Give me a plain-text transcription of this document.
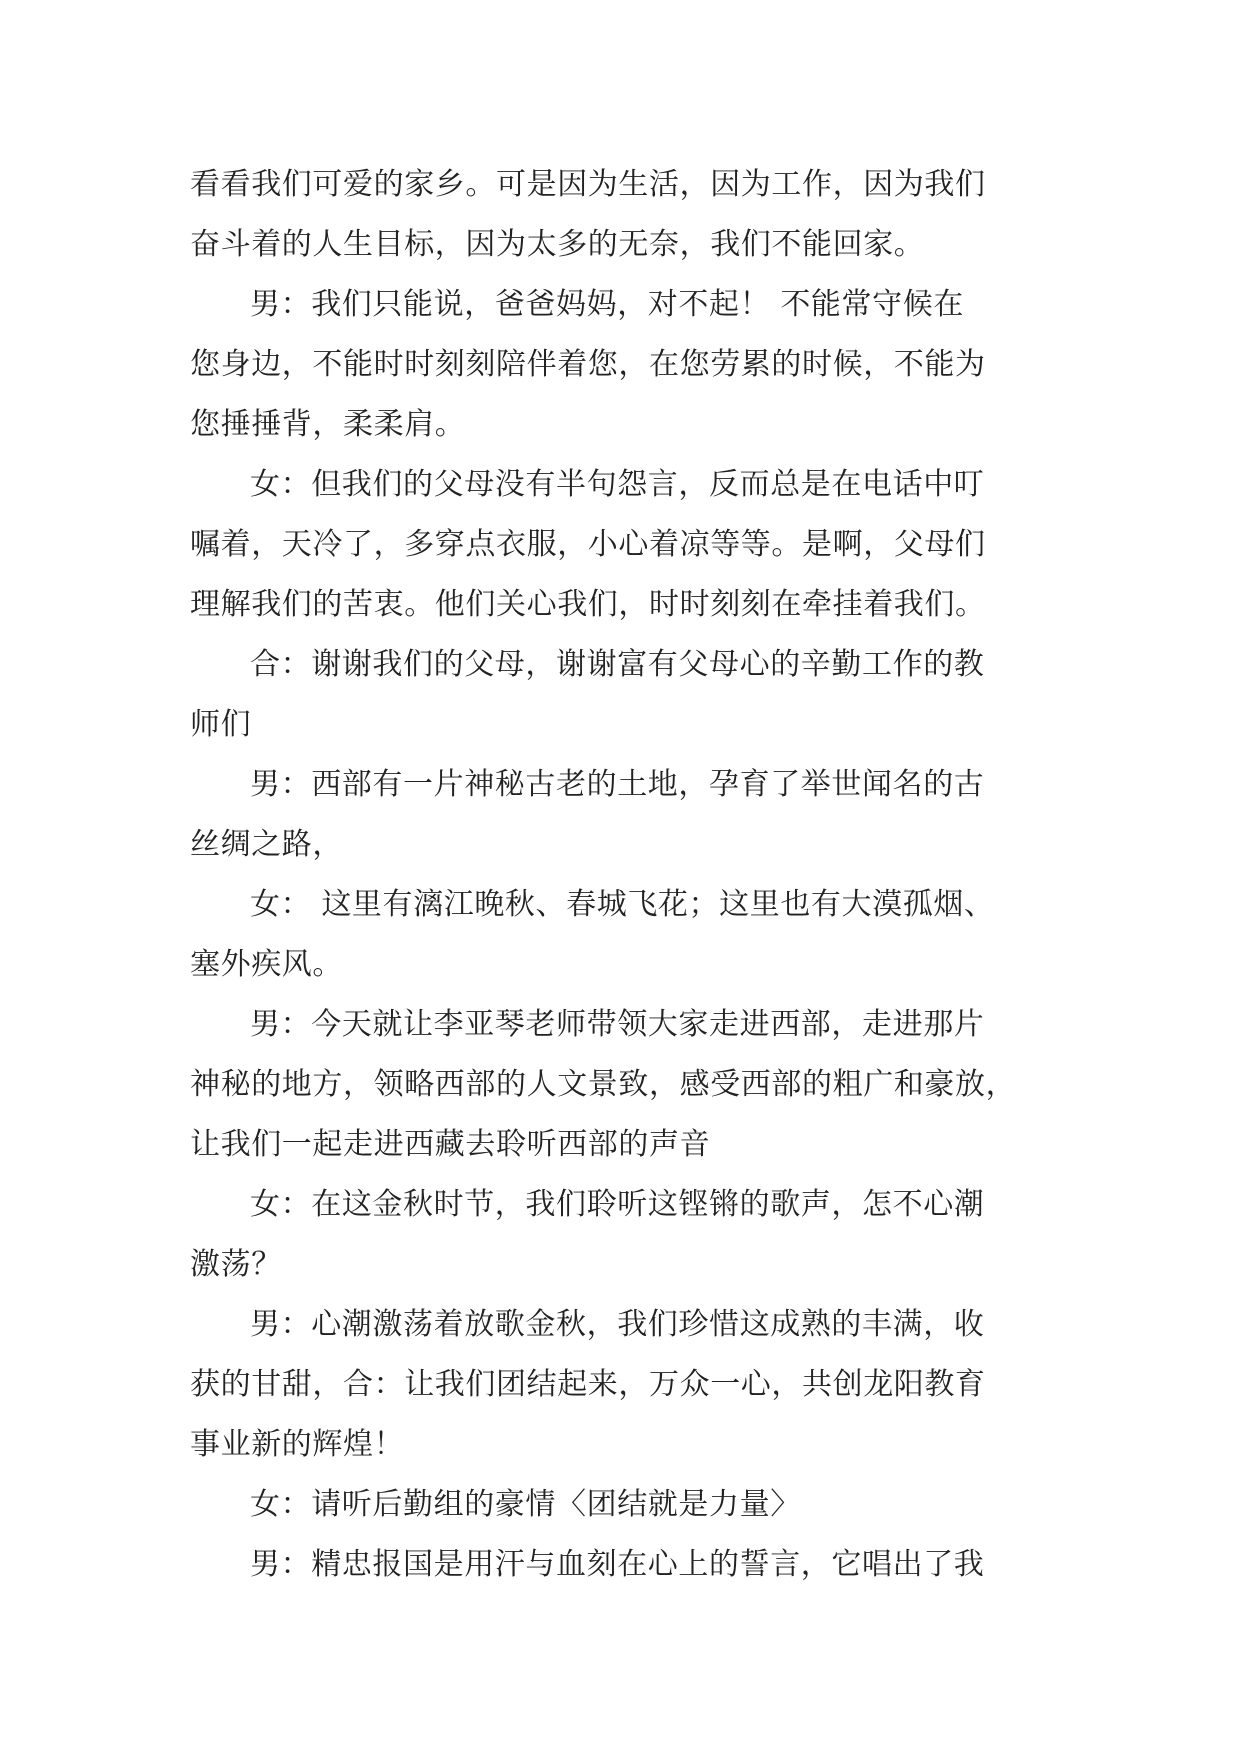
看看我们可爱的家乡。可是因为生活，因为工作，因为我们
奋斗着的人生目标，因为太多的无奈，我们不能回家。
男：我们只能说，爸爸妈妈，对不起！ 不能常守候在
您身边，不能时时刻刻陪伴着您，在您劳累的时候，不能为
您捶捶背，柔柔肩。
女：但我们的父母没有半句怨言，反而总是在电话中叮
嘱着，天冷了，多穿点衣服，小心着凉等等。是啊，父母们
理解我们的苦衷。他们关心我们，时时刻刻在牵挂着我们。
合：谢谢我们的父母，谢谢富有父母心的辛勤工作的教
师们
男：西部有一片神秘古老的土地，孕育了举世闻名的古
丝绸之路，
女： 这里有漓江晚秋、春城飞花；这里也有大漠孤烟、
塞外疾风。
男：今天就让李亚琴老师带领大家走进西部，走进那片
神秘的地方，领略西部的人文景致，感受西部的粗广和豪放，
让我们一起走进西藏去聆听西部的声音
女：在这金秋时节，我们聆听这铿锵的歌声，怎不心潮
激荡？
男：心潮激荡着放歌金秋，我们珍惜这成熟的丰满，收
获的甘甜，合：让我们团结起来，万众一心，共创龙阳教育
事业新的辉煌！
女：请听后勤组的豪情〈团结就是力量〉
男：精忠报国是用汗与血刻在心上的誓言，它唱出了我
